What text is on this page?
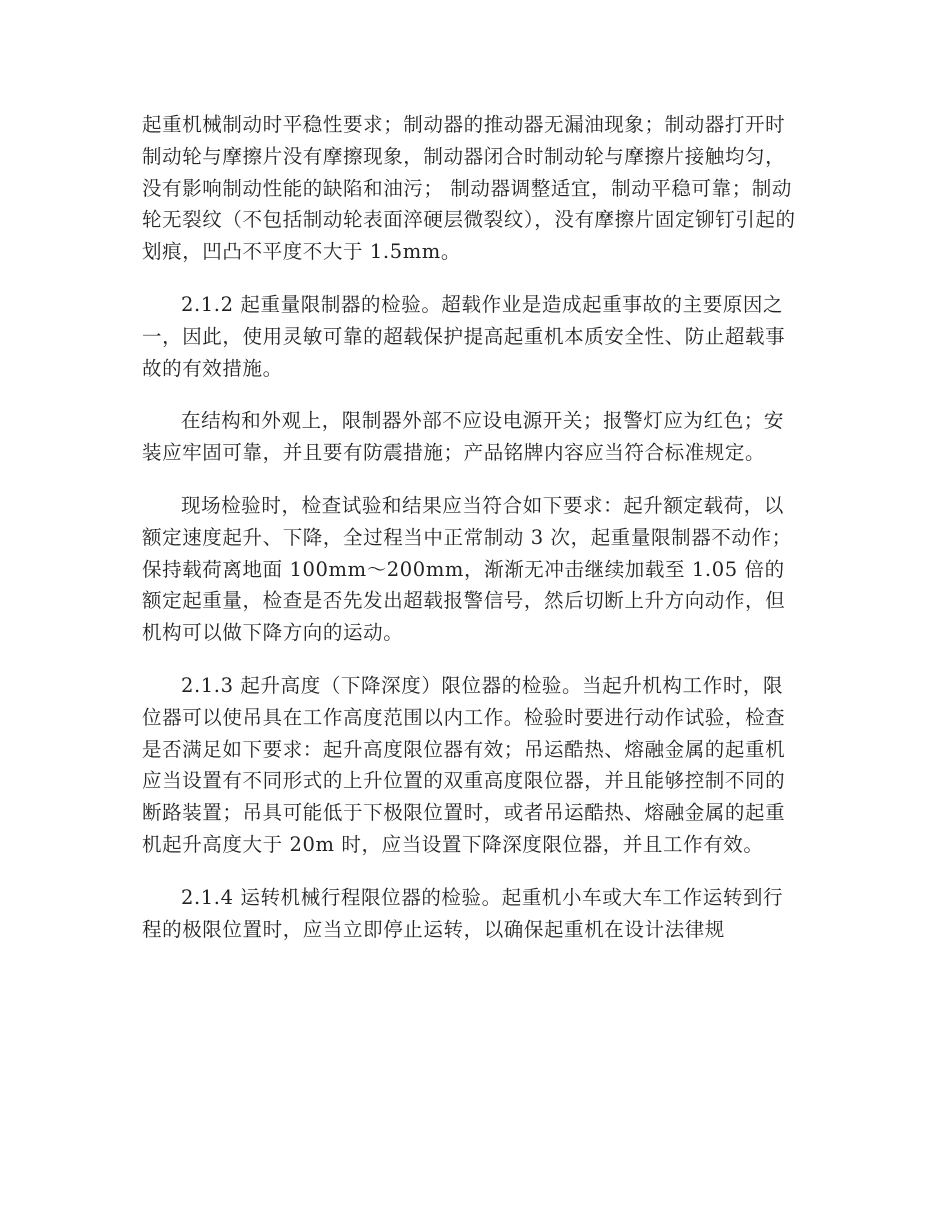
起重机械制动时平稳性要求；制动器的推动器无漏油现象；制动器打开时制动轮与摩擦片没有摩擦现象，制动器闭合时制动轮与摩擦片接触均匀，没有影响制动性能的缺陷和油污； 制动器调整适宜，制动平稳可靠；制动轮无裂纹（不包括制动轮表面淬硬层微裂纹），没有摩擦片固定铆钉引起的划痕，凹凸不平度不大于 1.5mm。

2.1.2 起重量限制器的检验。超载作业是造成起重事故的主要原因之一，因此，使用灵敏可靠的超载保护提高起重机本质安全性、防止超载事故的有效措施。

在结构和外观上，限制器外部不应设电源开关；报警灯应为红色；安装应牢固可靠，并且要有防震措施；产品铭牌内容应当符合标准规定。

现场检验时，检查试验和结果应当符合如下要求：起升额定载荷，以额定速度起升、下降，全过程当中正常制动 3 次，起重量限制器不动作；保持载荷离地面 100mm～200mm，渐渐无冲击继续加载至 1.05 倍的额定起重量，检查是否先发出超载报警信号，然后切断上升方向动作，但机构可以做下降方向的运动。

2.1.3 起升高度（下降深度）限位器的检验。当起升机构工作时，限位器可以使吊具在工作高度范围以内工作。检验时要进行动作试验，检查是否满足如下要求：起升高度限位器有效；吊运酷热、熔融金属的起重机应当设置有不同形式的上升位置的双重高度限位器，并且能够控制不同的断路装置；吊具可能低于下极限位置时，或者吊运酷热、熔融金属的起重机起升高度大于 20m 时，应当设置下降深度限位器，并且工作有效。

2.1.4 运转机械行程限位器的检验。起重机小车或大车工作运转到行程的极限位置时，应当立即停止运转，以确保起重机在设计法律规
